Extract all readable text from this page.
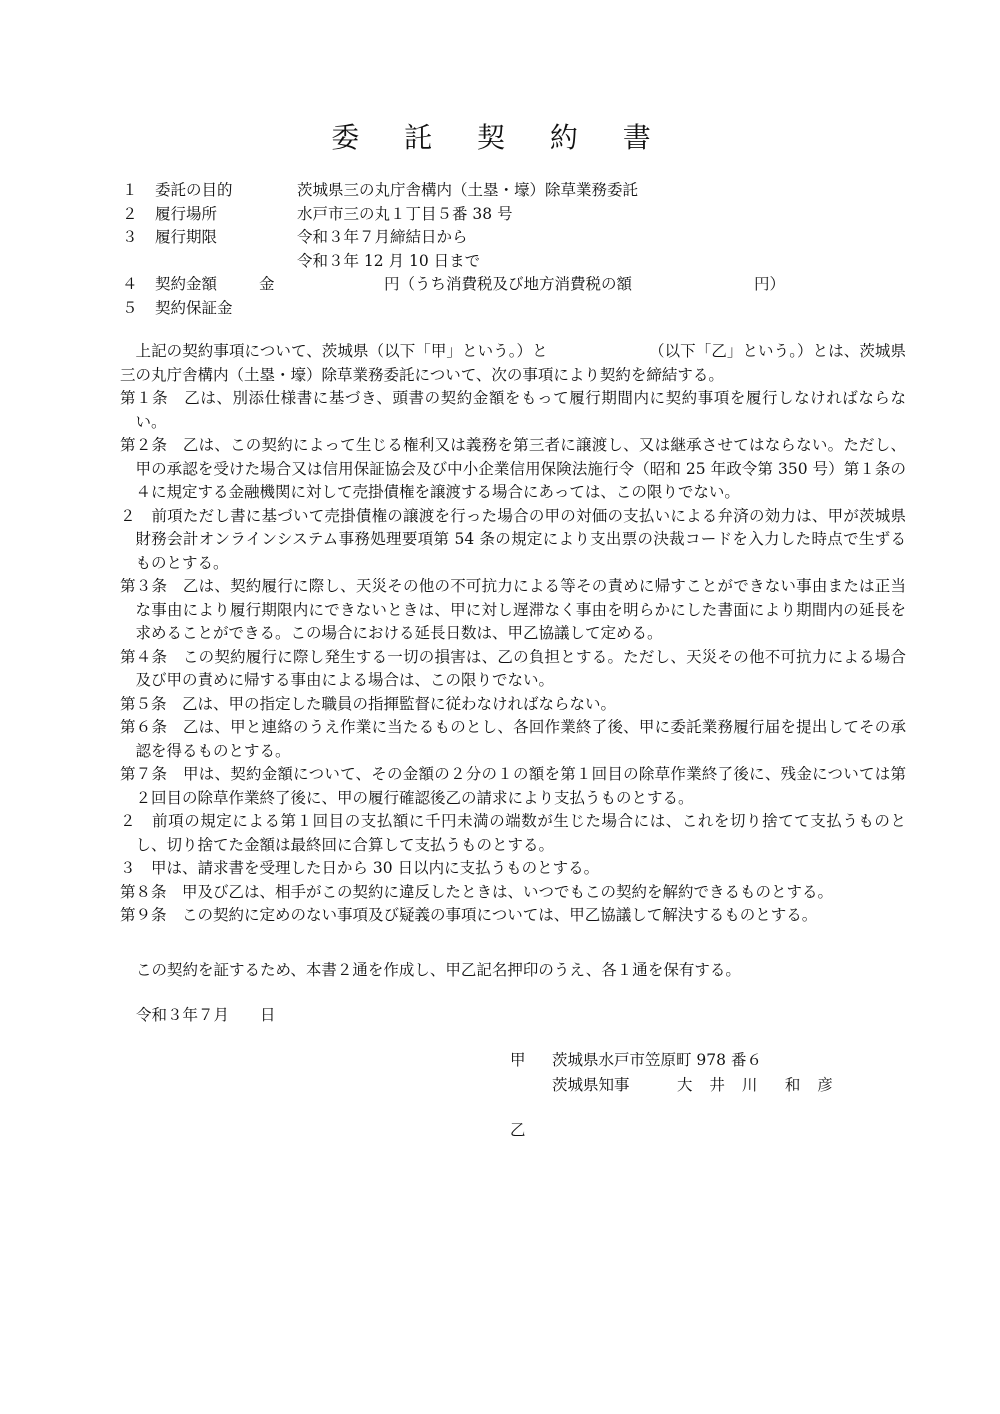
委 託 契 約 書
１ 委託の目的	茨城県三の丸庁舎構内（土塁・壕）除草業務委託
２ 履行場所	水戸市三の丸１丁目５番 38 号
３ 履行期限	令和３年７月締結日から
令和３年 12 月 10 日まで
４ 契約金額	金	円（うち消費税及び地方消費税の額	円）
５ 契約保証金

上記の契約事項について、茨城県（以下「甲」という。）と　　　　　　　（以下「乙」という。）とは、茨城県三の丸庁舎構内（土塁・壕）除草業務委託について、次の事項により契約を締結する。

第１条　乙は、別添仕様書に基づき、頭書の契約金額をもって履行期間内に契約事項を履行しなければならない。

第２条　乙は、この契約によって生じる権利又は義務を第三者に譲渡し、又は継承させてはならない。ただし、甲の承認を受けた場合又は信用保証協会及び中小企業信用保険法施行令（昭和 25 年政令第 350 号）第１条の４に規定する金融機関に対して売掛債権を譲渡する場合にあっては、この限りでない。

２　前項ただし書に基づいて売掛債権の譲渡を行った場合の甲の対価の支払いによる弁済の効力は、甲が茨城県財務会計オンラインシステム事務処理要項第 54 条の規定により支出票の決裁コードを入力した時点で生ずるものとする。

第３条　乙は、契約履行に際し、天災その他の不可抗力による等その責めに帰すことができない事由または正当な事由により履行期限内にできないときは、甲に対し遅滞なく事由を明らかにした書面により期間内の延長を求めることができる。この場合における延長日数は、甲乙協議して定める。

第４条　この契約履行に際し発生する一切の損害は、乙の負担とする。ただし、天災その他不可抗力による場合及び甲の責めに帰する事由による場合は、この限りでない。

第５条　乙は、甲の指定した職員の指揮監督に従わなければならない。

第６条　乙は、甲と連絡のうえ作業に当たるものとし、各回作業終了後、甲に委託業務履行届を提出してその承認を得るものとする。

第７条　甲は、契約金額について、その金額の２分の１の額を第１回目の除草作業終了後に、残金については第２回目の除草作業終了後に、甲の履行確認後乙の請求により支払うものとする。

２　前項の規定による第１回目の支払額に千円未満の端数が生じた場合には、これを切り捨てて支払うものとし、切り捨てた金額は最終回に合算して支払うものとする。

３　甲は、請求書を受理した日から 30 日以内に支払うものとする。

第８条　甲及び乙は、相手がこの契約に違反したときは、いつでもこの契約を解約できるものとする。

第９条　この契約に定めのない事項及び疑義の事項については、甲乙協議して解決するものとする。

この契約を証するため、本書２通を作成し、甲乙記名押印のうえ、各１通を保有する。
令和３年７月　　日
甲 茨城県水戸市笠原町 978 番６
茨城県知事	大 井 川　和 彦
乙
